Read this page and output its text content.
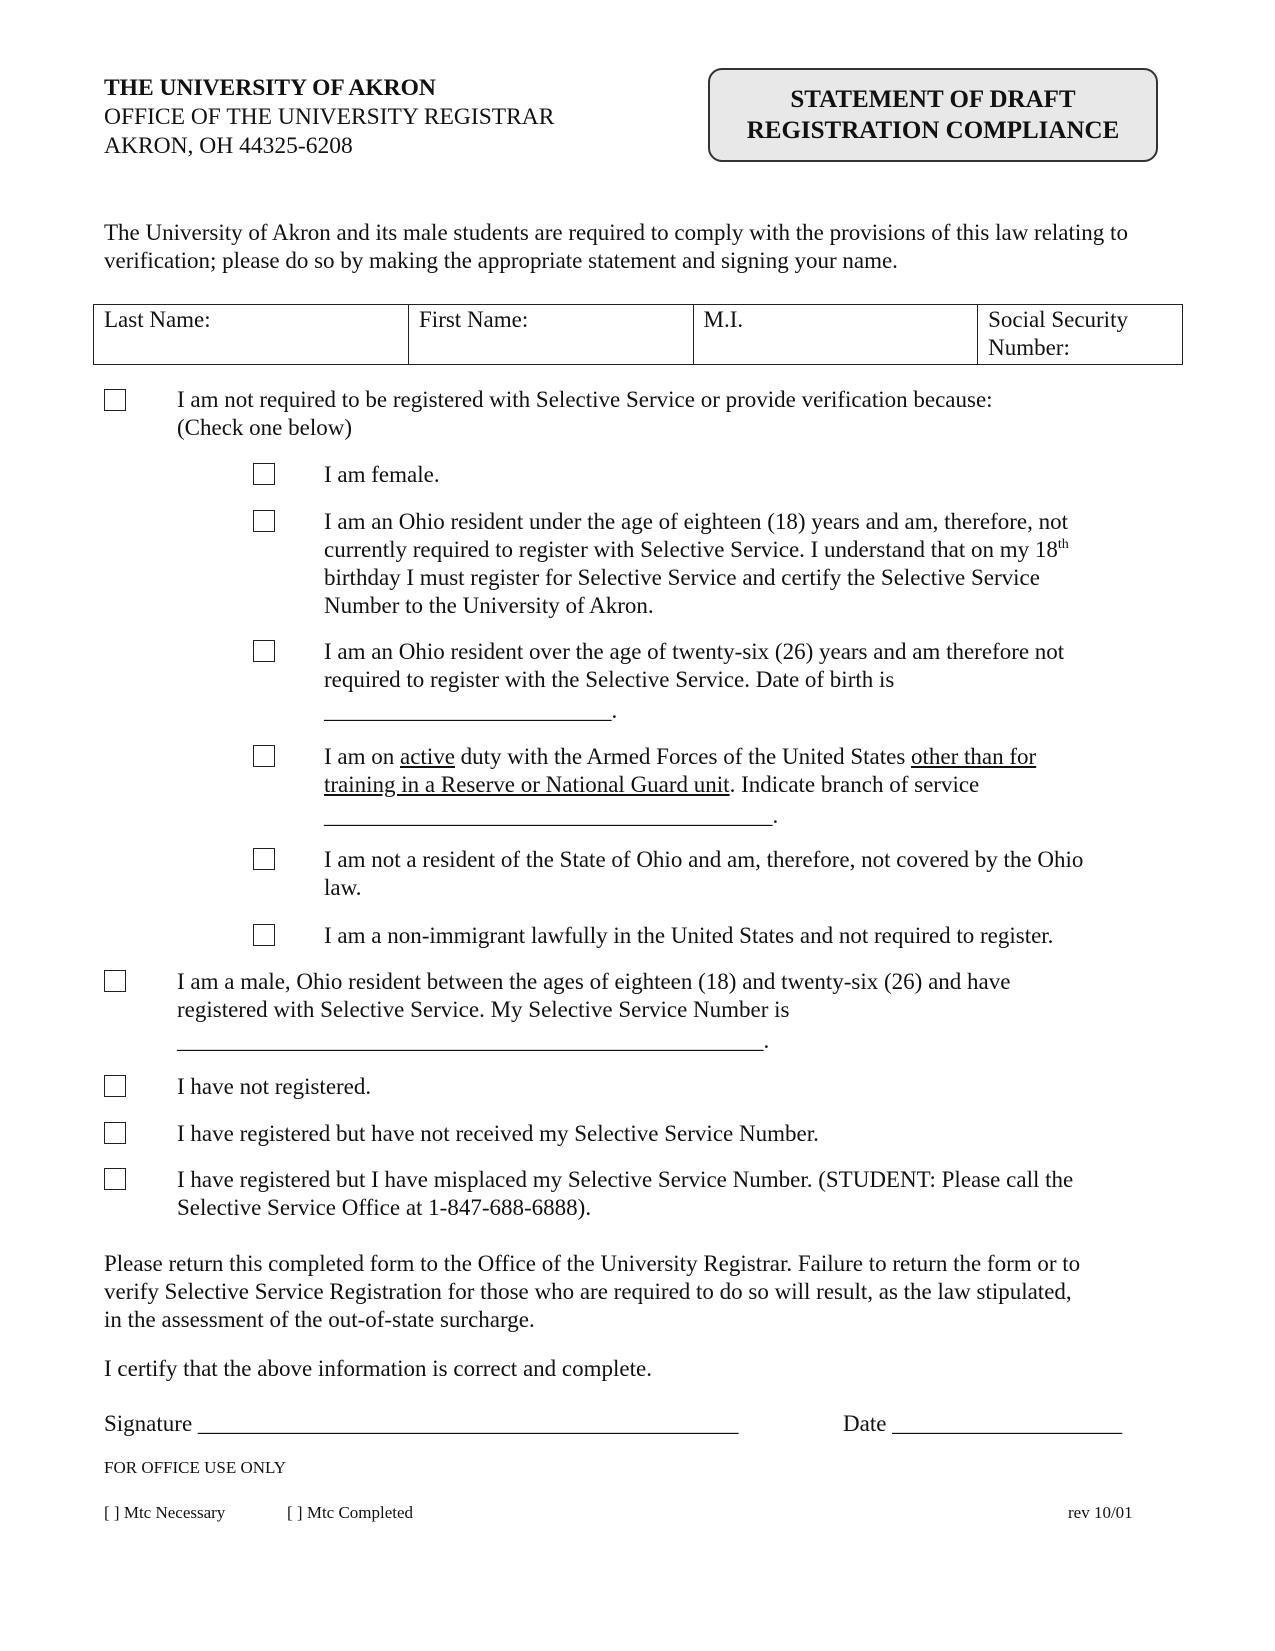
THE UNIVERSITY OF AKRON
OFFICE OF THE UNIVERSITY REGISTRAR
AKRON, OH 44325-6208
STATEMENT OF DRAFT
REGISTRATION COMPLIANCE
The University of Akron and its male students are required to comply with the provisions of this law relating to verification; please do so by making the appropriate statement and signing your name.
Last Name:	First Name:	M.I.	Social Security Number:
I am not required to be registered with Selective Service or provide verification because:
(Check one below)
I am female.
I am an Ohio resident under the age of eighteen (18) years and am, therefore, not
currently required to register with Selective Service. I understand that on my 18th
birthday I must register for Selective Service and certify the Selective Service
Number to the University of Akron.
I am an Ohio resident over the age of twenty-six (26) years and am therefore not
required to register with the Selective Service. Date of birth is
_________________________.
I am on active duty with the Armed Forces of the United States other than for
training in a Reserve or National Guard unit. Indicate branch of service
_______________________________________.
I am not a resident of the State of Ohio and am, therefore, not covered by the Ohio
law.
I am a non-immigrant lawfully in the United States and not required to register.
I am a male, Ohio resident between the ages of eighteen (18) and twenty-six (26) and have
registered with Selective Service. My Selective Service Number is
___________________________________________________.
I have not registered.
I have registered but have not received my Selective Service Number.
I have registered but I have misplaced my Selective Service Number. (STUDENT: Please call the
Selective Service Office at 1-847-688-6888).
Please return this completed form to the Office of the University Registrar. Failure to return the form or to
verify Selective Service Registration for those who are required to do so will result, as the law stipulated,
in the assessment of the out-of-state surcharge.
I certify that the above information is correct and complete.
Signature _______________________________________________	Date ____________________
FOR OFFICE USE ONLY
[ ] Mtc Necessary	[ ] Mtc Completed	rev 10/01
